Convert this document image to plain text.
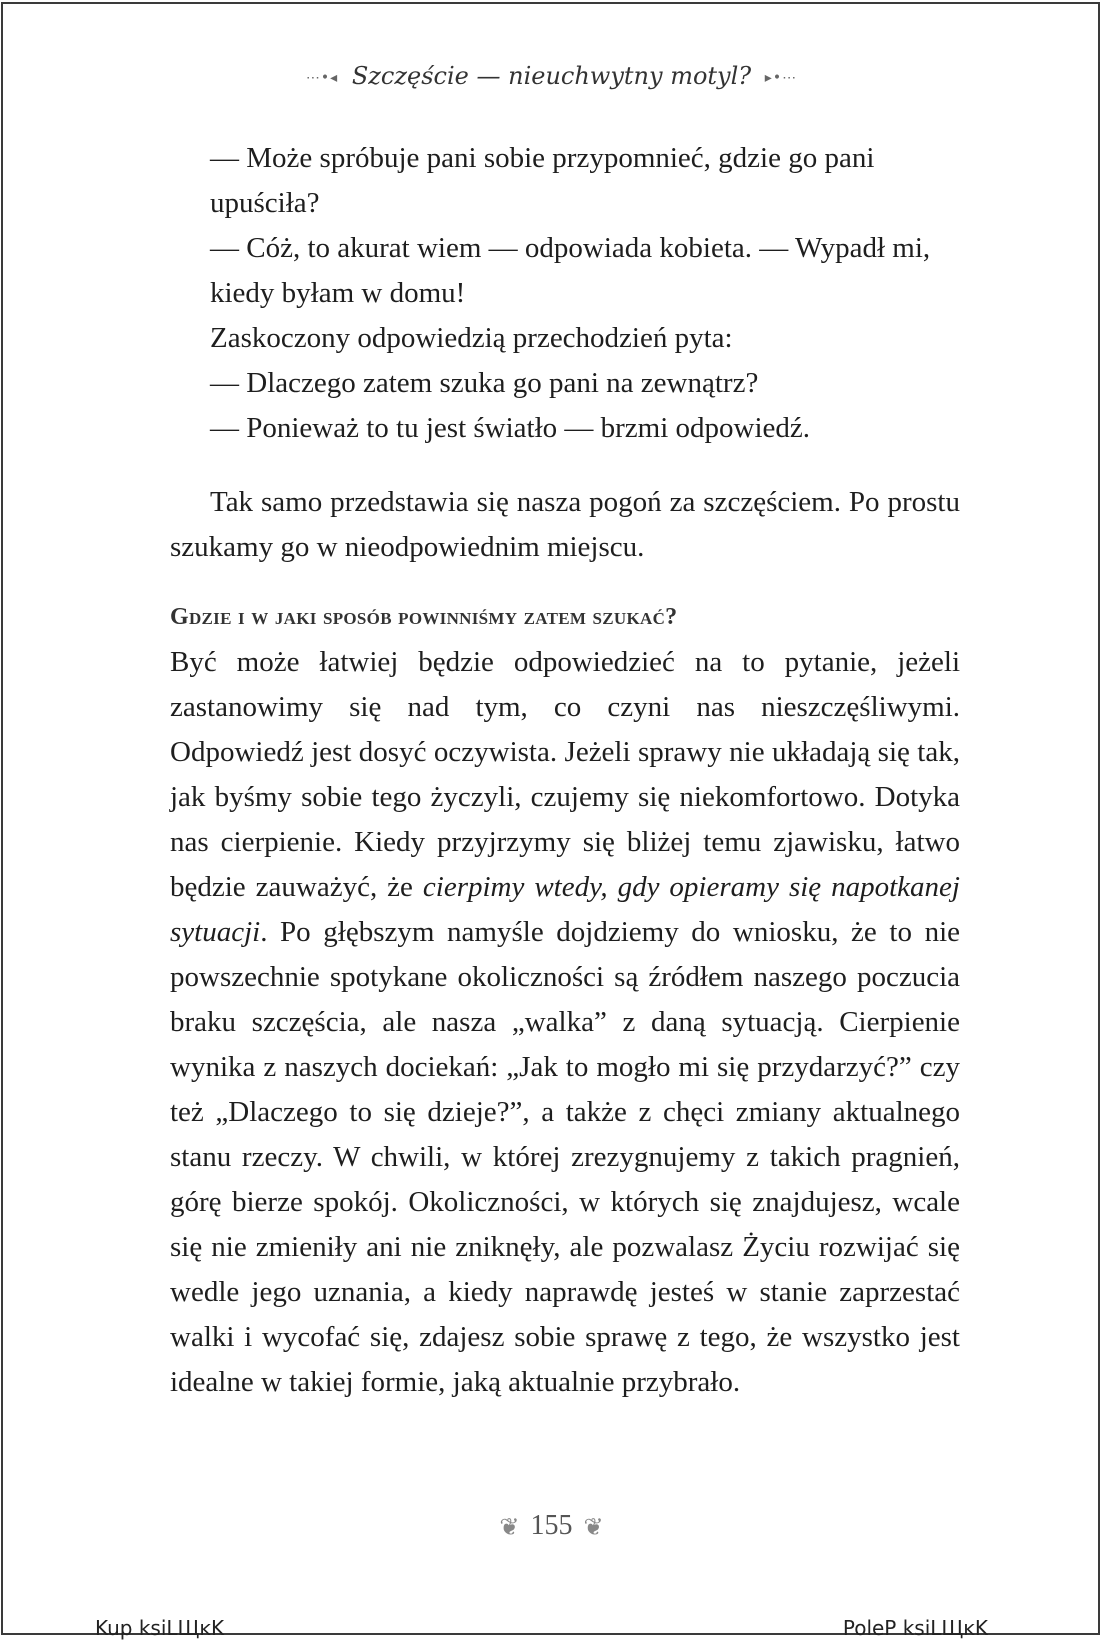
⋯•◂ Szczęście — nieuchwytny motyl? ▸•⋯

— Może spróbuje pani sobie przypomnieć, gdzie go pani upuściła?

— Cóż, to akurat wiem — odpowiada kobieta. — Wypadł mi, kiedy byłam w domu!

Zaskoczony odpowiedzią przechodzień pyta:

— Dlaczego zatem szuka go pani na zewnątrz?

— Ponieważ to tu jest światło — brzmi odpowiedź.

Tak samo przedstawia się nasza pogoń za szczęściem. Po prostu szukamy go w nieodpowiednim miejscu.

Gdzie i w jaki sposób powinniśmy zatem szukać?

Być może łatwiej będzie odpowiedzieć na to pytanie, jeżeli zastanowimy się nad tym, co czyni nas nieszczęśliwymi. Odpowiedź jest dosyć oczywista. Jeżeli sprawy nie układają się tak, jak byśmy sobie tego życzyli, czujemy się niekomfortowo. Dotyka nas cierpienie. Kiedy przyjrzymy się bliżej temu zjawisku, łatwo będzie zauważyć, że cierpimy wtedy, gdy opieramy się napotkanej sytuacji. Po głębszym namyśle dojdziemy do wniosku, że to nie powszechnie spotykane okoliczności są źródłem naszego poczucia braku szczęścia, ale nasza „walka” z daną sytuacją. Cierpienie wynika z naszych dociekań: „Jak to mogło mi się przydarzyć?” czy też „Dlaczego to się dzieje?”, a także z chęci zmiany aktualnego stanu rzeczy. W chwili, w której zrezygnujemy z takich pragnień, górę bierze spokój. Okoliczności, w których się znajdujesz, wcale się nie zmieniły ani nie zniknęły, ale pozwalasz Życiu rozwijać się wedle jego uznania, a kiedy naprawdę jesteś w stanie zaprzestać walki i wycofać się, zdajesz sobie sprawę z tego, że wszystko jest idealne w takiej formie, jaką aktualnie przybrało.

❦ 155 ❦
Kup ksiLЩĸK	PoleP ksiLЩĸK
